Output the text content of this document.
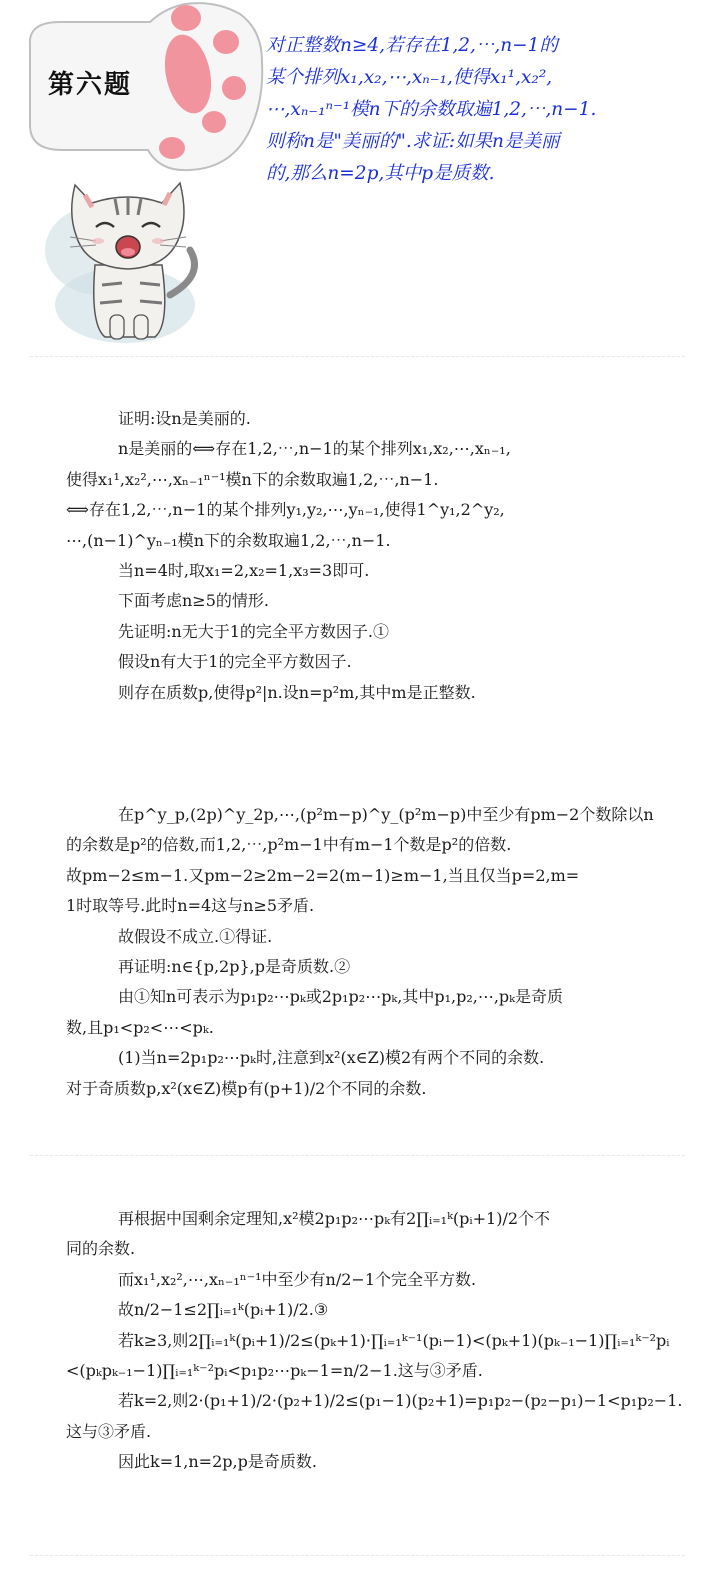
第六题

对正整数n≥4,若存在1,2,⋯,n−1的

某个排列x₁,x₂,⋯,xₙ₋₁,使得x₁¹,x₂²,

⋯,xₙ₋₁ⁿ⁻¹模n下的余数取遍1,2,⋯,n−1.

则称n是"美丽的".求证:如果n是美丽

的,那么n=2p,其中p是质数.

证明:设n是美丽的.

n是美丽的⟺存在1,2,⋯,n−1的某个排列x₁,x₂,⋯,xₙ₋₁,

使得x₁¹,x₂²,⋯,xₙ₋₁ⁿ⁻¹模n下的余数取遍1,2,⋯,n−1.

⟺存在1,2,⋯,n−1的某个排列y₁,y₂,⋯,yₙ₋₁,使得1^y₁,2^y₂,

⋯,(n−1)^yₙ₋₁模n下的余数取遍1,2,⋯,n−1.

当n=4时,取x₁=2,x₂=1,x₃=3即可.

下面考虑n≥5的情形.

先证明:n无大于1的完全平方数因子.①

假设n有大于1的完全平方数因子.

则存在质数p,使得p²|n.设n=p²m,其中m是正整数.

在p^y_p,(2p)^y_2p,⋯,(p²m−p)^y_(p²m−p)中至少有pm−2个数除以n

的余数是p²的倍数,而1,2,⋯,p²m−1中有m−1个数是p²的倍数.

故pm−2≤m−1.又pm−2≥2m−2=2(m−1)≥m−1,当且仅当p=2,m=

1时取等号.此时n=4这与n≥5矛盾.

故假设不成立.①得证.

再证明:n∈{p,2p},p是奇质数.②

由①知n可表示为p₁p₂⋯pₖ或2p₁p₂⋯pₖ,其中p₁,p₂,⋯,pₖ是奇质

数,且p₁<p₂<⋯<pₖ.

(1)当n=2p₁p₂⋯pₖ时,注意到x²(x∈Z)模2有两个不同的余数.

对于奇质数p,x²(x∈Z)模p有(p+1)/2个不同的余数.

再根据中国剩余定理知,x²模2p₁p₂⋯pₖ有2∏ᵢ₌₁ᵏ(pᵢ+1)/2个不

同的余数.

而x₁¹,x₂²,⋯,xₙ₋₁ⁿ⁻¹中至少有n/2−1个完全平方数.

故n/2−1≤2∏ᵢ₌₁ᵏ(pᵢ+1)/2.③

若k≥3,则2∏ᵢ₌₁ᵏ(pᵢ+1)/2≤(pₖ+1)·∏ᵢ₌₁ᵏ⁻¹(pᵢ−1)<(pₖ+1)(pₖ₋₁−1)∏ᵢ₌₁ᵏ⁻²pᵢ

<(pₖpₖ₋₁−1)∏ᵢ₌₁ᵏ⁻²pᵢ<p₁p₂⋯pₖ−1=n/2−1.这与③矛盾.

若k=2,则2·(p₁+1)/2·(p₂+1)/2≤(p₁−1)(p₂+1)=p₁p₂−(p₂−p₁)−1<p₁p₂−1.

这与③矛盾.

因此k=1,n=2p,p是奇质数.
